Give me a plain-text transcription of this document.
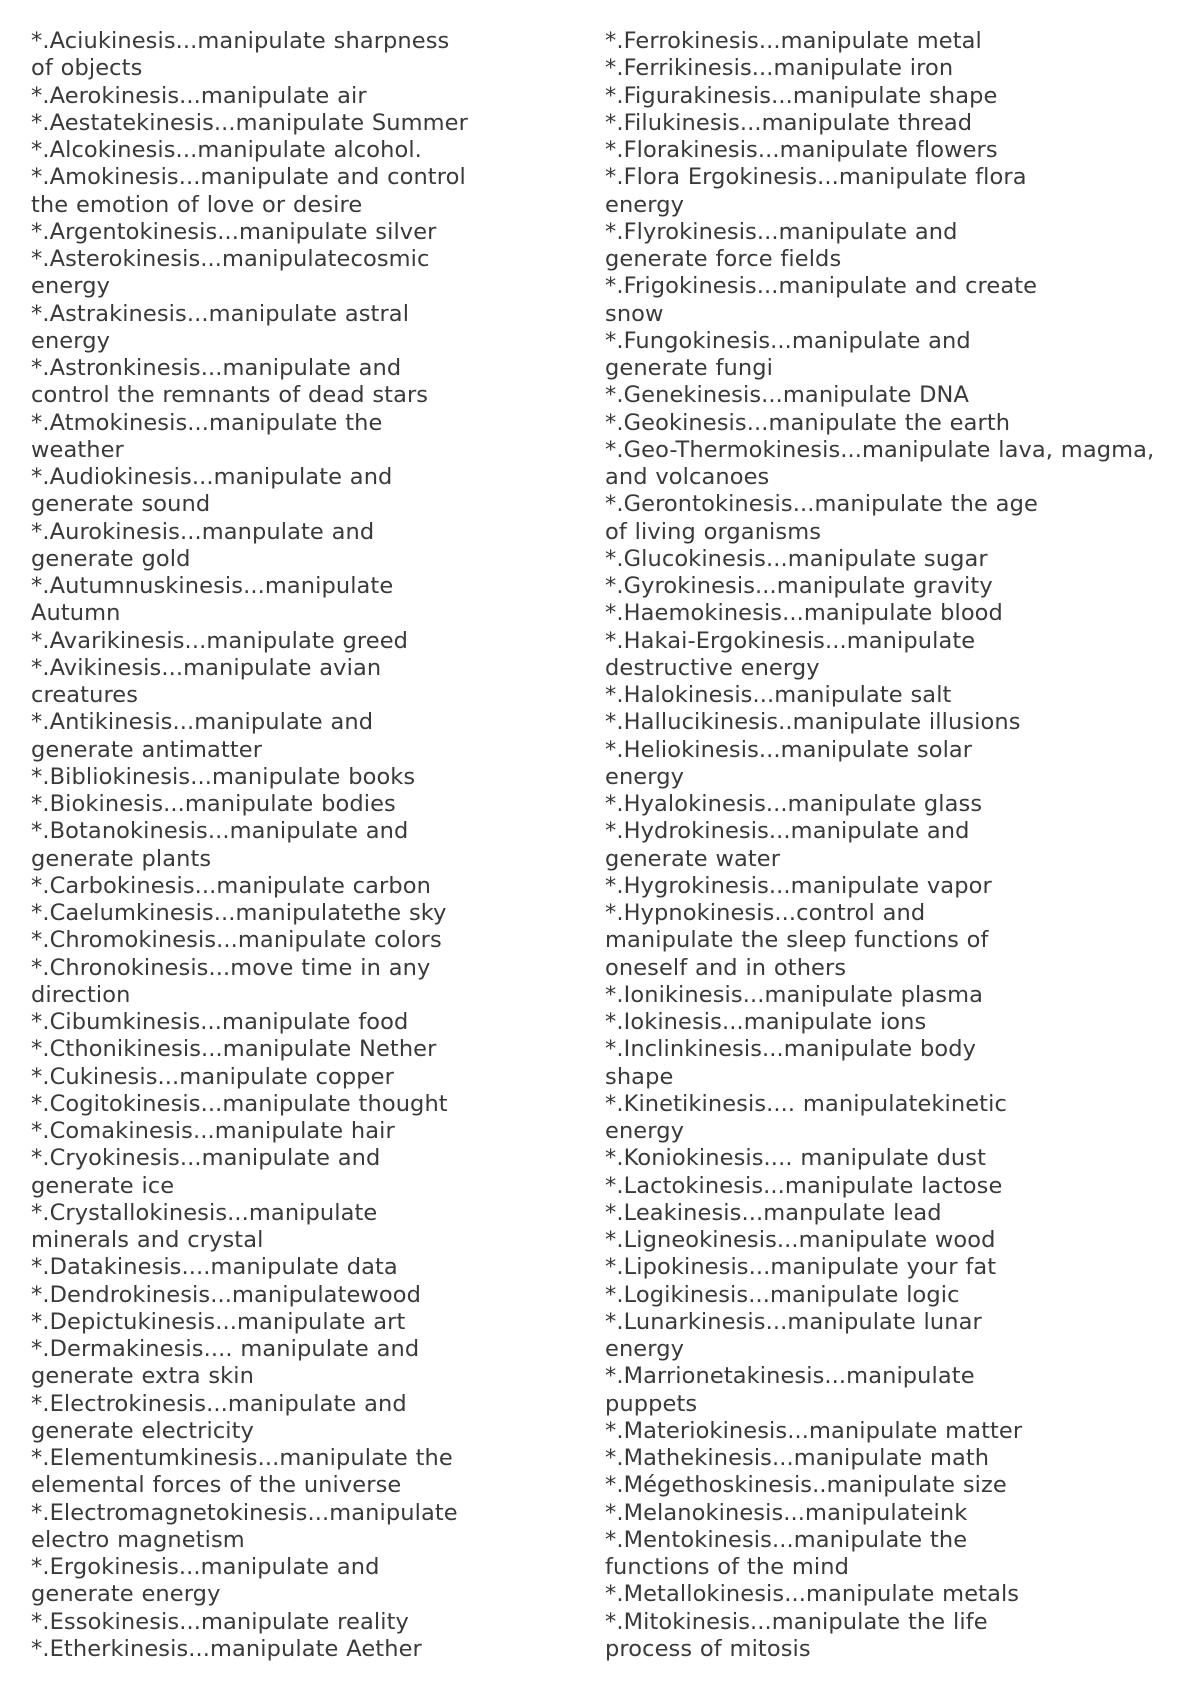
*.Aciukinesis...manipulate sharpness
of objects
*.Aerokinesis...manipulate air
*.Aestatekinesis...manipulate Summer
*.Alcokinesis...manipulate alcohol.
*.Amokinesis...manipulate and control
the emotion of love or desire
*.Argentokinesis...manipulate silver
*.Asterokinesis...manipulatecosmic
energy
*.Astrakinesis...manipulate astral
energy
*.Astronkinesis...manipulate and
control the remnants of dead stars
*.Atmokinesis...manipulate the
weather
*.Audiokinesis...manipulate and
generate sound
*.Aurokinesis...manpulate and
generate gold
*.Autumnuskinesis...manipulate
Autumn
*.Avarikinesis...manipulate greed
*.Avikinesis...manipulate avian
creatures
*.Antikinesis...manipulate and
generate antimatter
*.Bibliokinesis...manipulate books
*.Biokinesis...manipulate bodies
*.Botanokinesis...manipulate and
generate plants
*.Carbokinesis...manipulate carbon
*.Caelumkinesis...manipulatethe sky
*.Chromokinesis...manipulate colors
*.Chronokinesis...move time in any
direction
*.Cibumkinesis...manipulate food
*.Cthonikinesis...manipulate Nether
*.Cukinesis...manipulate copper
*.Cogitokinesis...manipulate thought
*.Comakinesis...manipulate hair
*.Cryokinesis...manipulate and
generate ice
*.Crystallokinesis...manipulate
minerals and crystal
*.Datakinesis....manipulate data
*.Dendrokinesis...manipulatewood
*.Depictukinesis...manipulate art
*.Dermakinesis.... manipulate and
generate extra skin
*.Electrokinesis...manipulate and
generate electricity
*.Elementumkinesis...manipulate the
elemental forces of the universe
*.Electromagnetokinesis...manipulate
electro magnetism
*.Ergokinesis...manipulate and
generate energy
*.Essokinesis...manipulate reality
*.Etherkinesis...manipulate Aether
*.Ferrokinesis...manipulate metal
*.Ferrikinesis...manipulate iron
*.Figurakinesis...manipulate shape
*.Filukinesis...manipulate thread
*.Florakinesis...manipulate flowers
*.Flora Ergokinesis...manipulate flora
energy
*.Flyrokinesis...manipulate and
generate force fields
*.Frigokinesis...manipulate and create
snow
*.Fungokinesis...manipulate and
generate fungi
*.Genekinesis...manipulate DNA
*.Geokinesis...manipulate the earth
*.Geo-Thermokinesis...manipulate lava, magma,
and volcanoes
*.Gerontokinesis...manipulate the age
of living organisms
*.Glucokinesis...manipulate sugar
*.Gyrokinesis...manipulate gravity
*.Haemokinesis...manipulate blood
*.Hakai-Ergokinesis...manipulate
destructive energy
*.Halokinesis...manipulate salt
*.Hallucikinesis..manipulate illusions
*.Heliokinesis...manipulate solar
energy
*.Hyalokinesis...manipulate glass
*.Hydrokinesis...manipulate and
generate water
*.Hygrokinesis...manipulate vapor
*.Hypnokinesis...control and
manipulate the sleep functions of
oneself and in others
*.Ionikinesis...manipulate plasma
*.Iokinesis...manipulate ions
*.Inclinkinesis...manipulate body
shape
*.Kinetikinesis.... manipulatekinetic
energy
*.Koniokinesis.... manipulate dust
*.Lactokinesis...manipulate lactose
*.Leakinesis...manpulate lead
*.Ligneokinesis...manipulate wood
*.Lipokinesis...manipulate your fat
*.Logikinesis...manipulate logic
*.Lunarkinesis...manipulate lunar
energy
*.Marrionetakinesis...manipulate
puppets
*.Materiokinesis...manipulate matter
*.Mathekinesis...manipulate math
*.Mégethoskinesis..manipulate size
*.Melanokinesis...manipulateink
*.Mentokinesis...manipulate the
functions of the mind
*.Metallokinesis...manipulate metals
*.Mitokinesis...manipulate the life
process of mitosis
